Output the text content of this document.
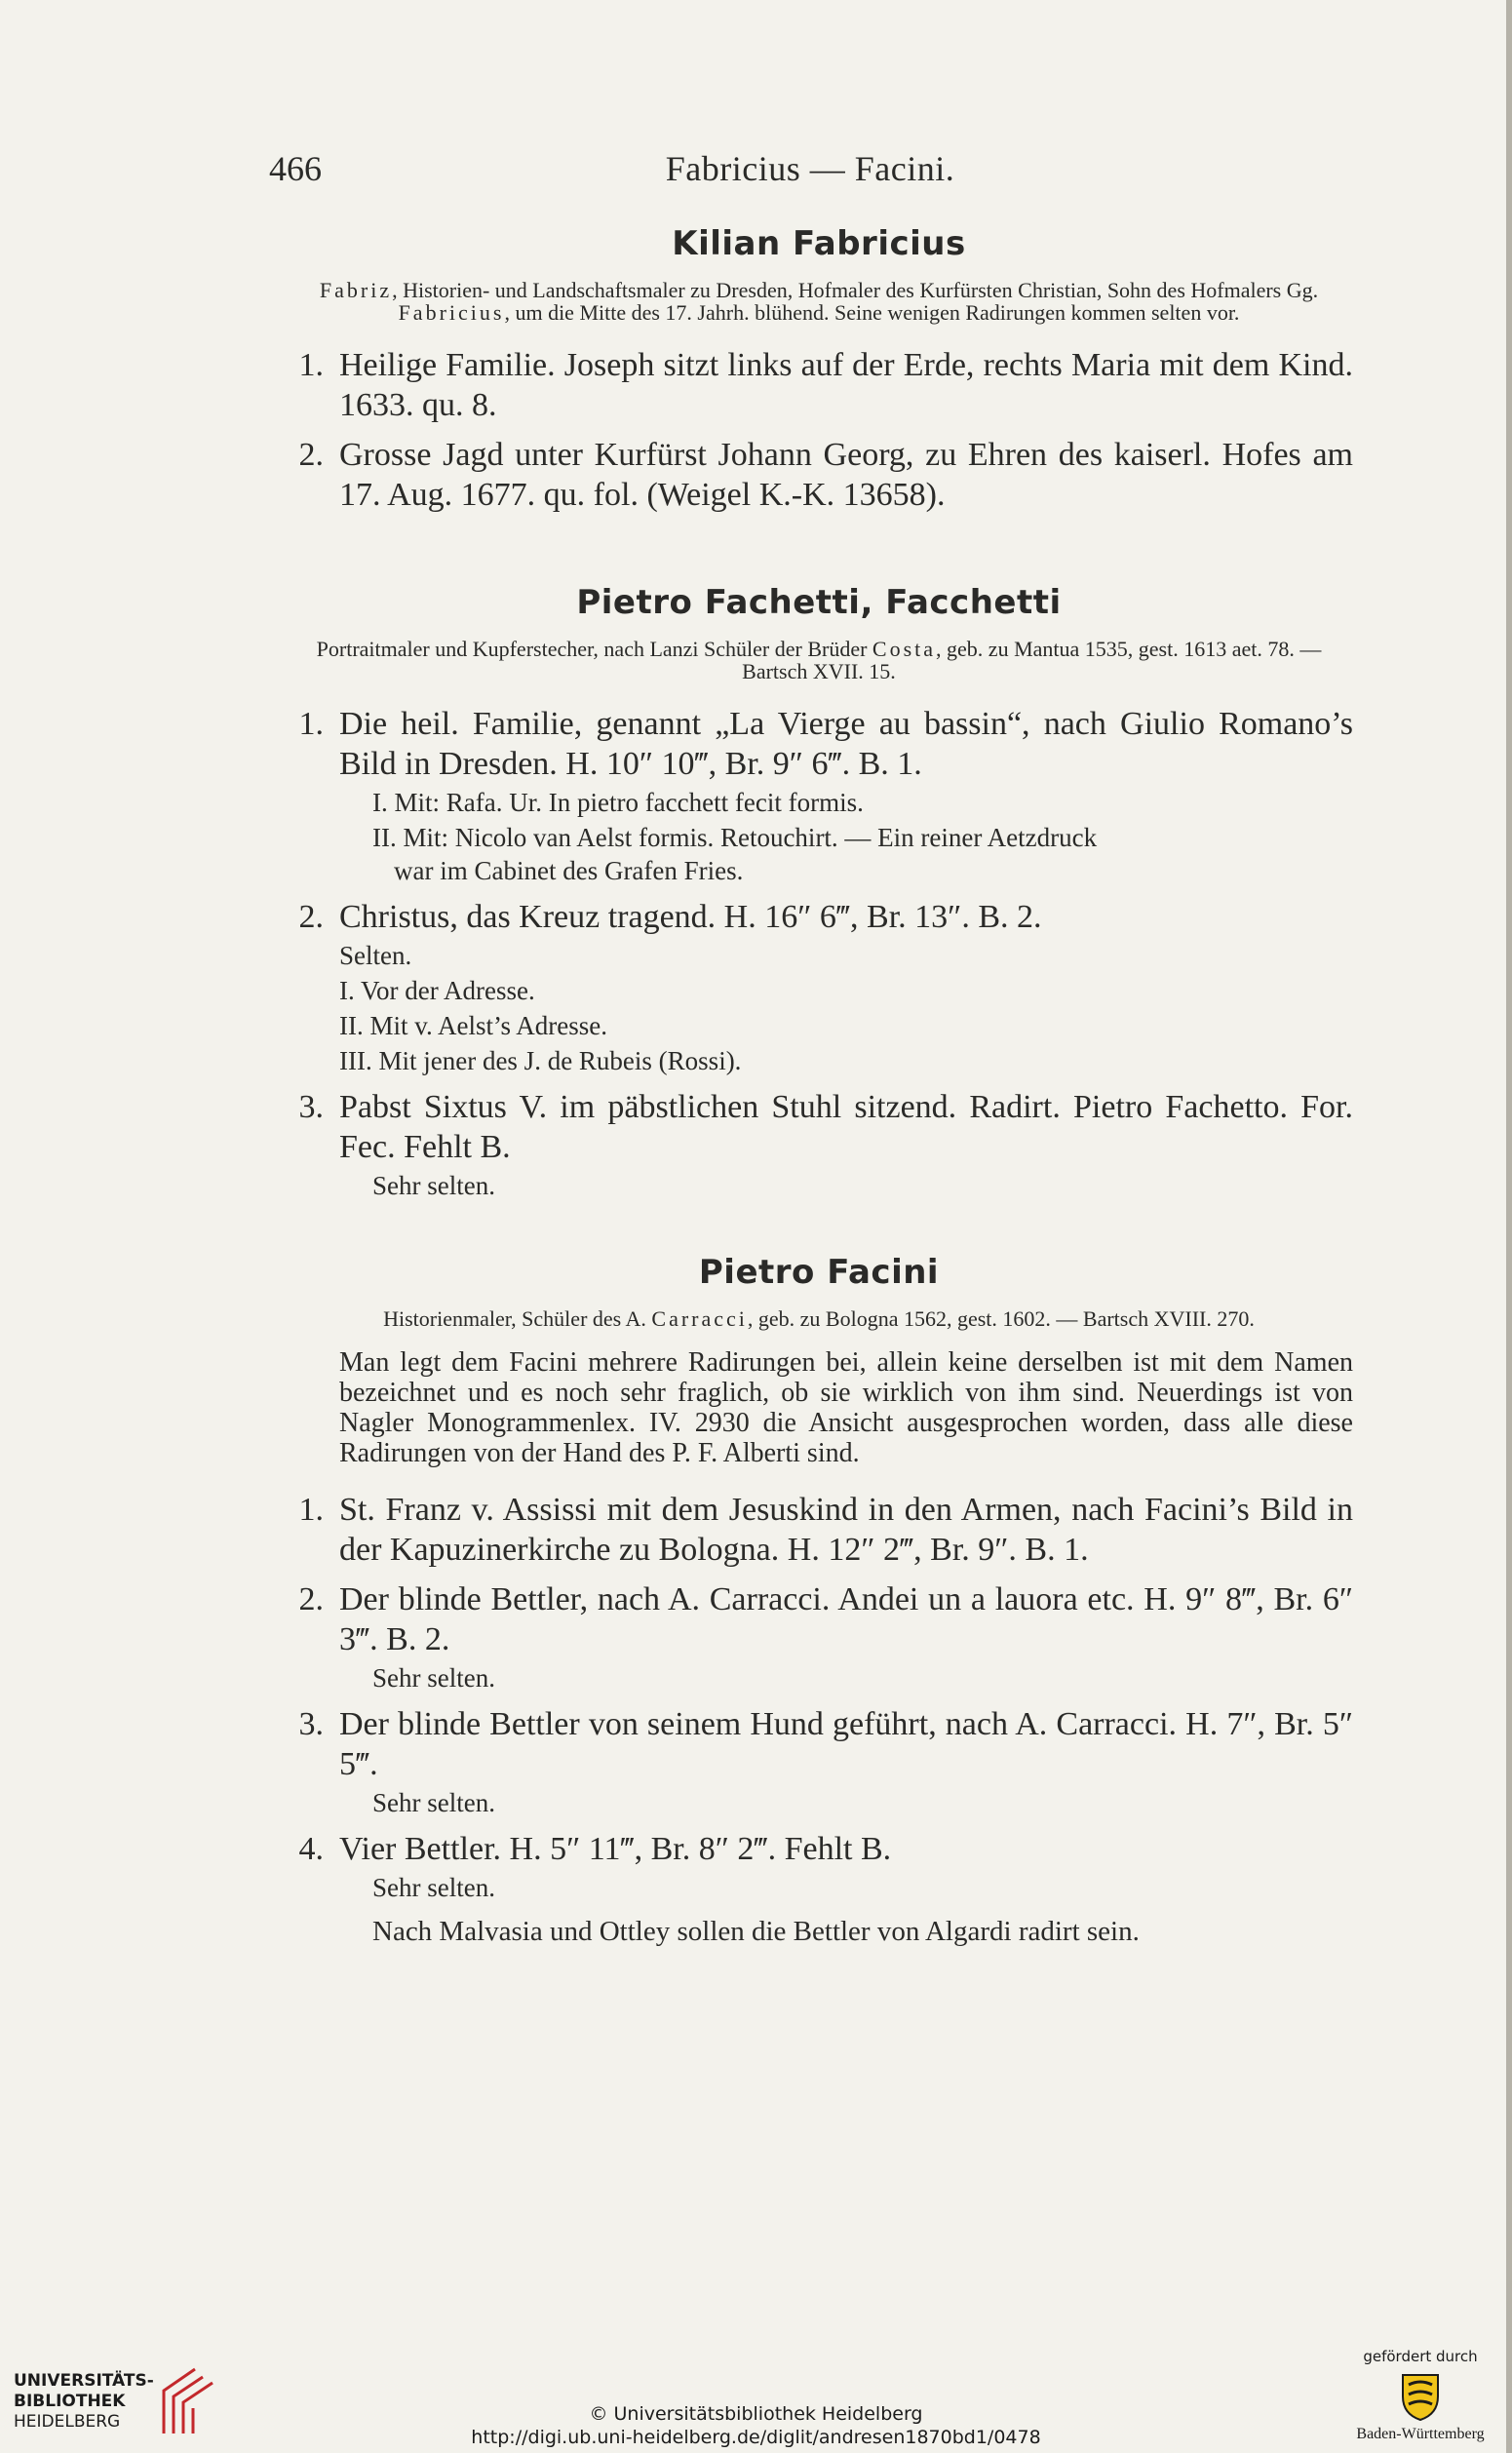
466	Fabricius — Facini.
Kilian Fabricius
Fabriz, Historien- und Landschaftsmaler zu Dresden, Hofmaler des Kurfürsten Christian, Sohn des Hofmalers Gg. Fabricius, um die Mitte des 17. Jahrh. blühend. Seine wenigen Radirungen kommen selten vor.
1. Heilige Familie. Joseph sitzt links auf der Erde, rechts Maria mit dem Kind. 1633. qu. 8.
2. Grosse Jagd unter Kurfürst Johann Georg, zu Ehren des kaiserl. Hofes am 17. Aug. 1677. qu. fol. (Weigel K.-K. 13658).
Pietro Fachetti, Facchetti
Portraitmaler und Kupferstecher, nach Lanzi Schüler der Brüder Costa, geb. zu Mantua 1535, gest. 1613 aet. 78. — Bartsch XVII. 15.
1. Die heil. Familie, genannt „La Vierge au bassin“, nach Giulio Romano’s Bild in Dresden. H. 10″ 10‴, Br. 9″ 6‴. B. 1.
I. Mit: Rafa. Ur. In pietro facchett fecit formis.
II. Mit: Nicolo van Aelst formis. Retouchirt. — Ein reiner Aetzdruck
war im Cabinet des Grafen Fries.
2. Christus, das Kreuz tragend. H. 16″ 6‴, Br. 13″. B. 2.
Selten.
I. Vor der Adresse.
II. Mit v. Aelst’s Adresse.
III. Mit jener des J. de Rubeis (Rossi).
3. Pabst Sixtus V. im päbstlichen Stuhl sitzend. Radirt. Pietro Fachetto. For. Fec. Fehlt B.
Sehr selten.
Pietro Facini
Historienmaler, Schüler des A. Carracci, geb. zu Bologna 1562, gest. 1602. — Bartsch XVIII. 270.
Man legt dem Facini mehrere Radirungen bei, allein keine derselben ist mit dem Namen bezeichnet und es noch sehr fraglich, ob sie wirklich von ihm sind. Neuerdings ist von Nagler Monogrammenlex. IV. 2930 die Ansicht ausgesprochen worden, dass alle diese Radirungen von der Hand des P. F. Alberti sind.
1. St. Franz v. Assissi mit dem Jesuskind in den Armen, nach Facini’s Bild in der Kapuzinerkirche zu Bologna. H. 12″ 2‴, Br. 9″. B. 1.
2. Der blinde Bettler, nach A. Carracci. Andei un a lauora etc. H. 9″ 8‴, Br. 6″ 3‴. B. 2.
Sehr selten.
3. Der blinde Bettler von seinem Hund geführt, nach A. Carracci. H. 7″, Br. 5″ 5‴.
Sehr selten.
4. Vier Bettler. H. 5″ 11‴, Br. 8″ 2‴. Fehlt B.
Sehr selten.
Nach Malvasia und Ottley sollen die Bettler von Algardi radirt sein.
UNIVERSITÄTS-
BIBLIOTHEK
HEIDELBERG	© Universitätsbibliothek Heidelberg
http://digi.ub.uni-heidelberg.de/diglit/andresen1870bd1/0478
gefördert durch
Baden-Württemberg
